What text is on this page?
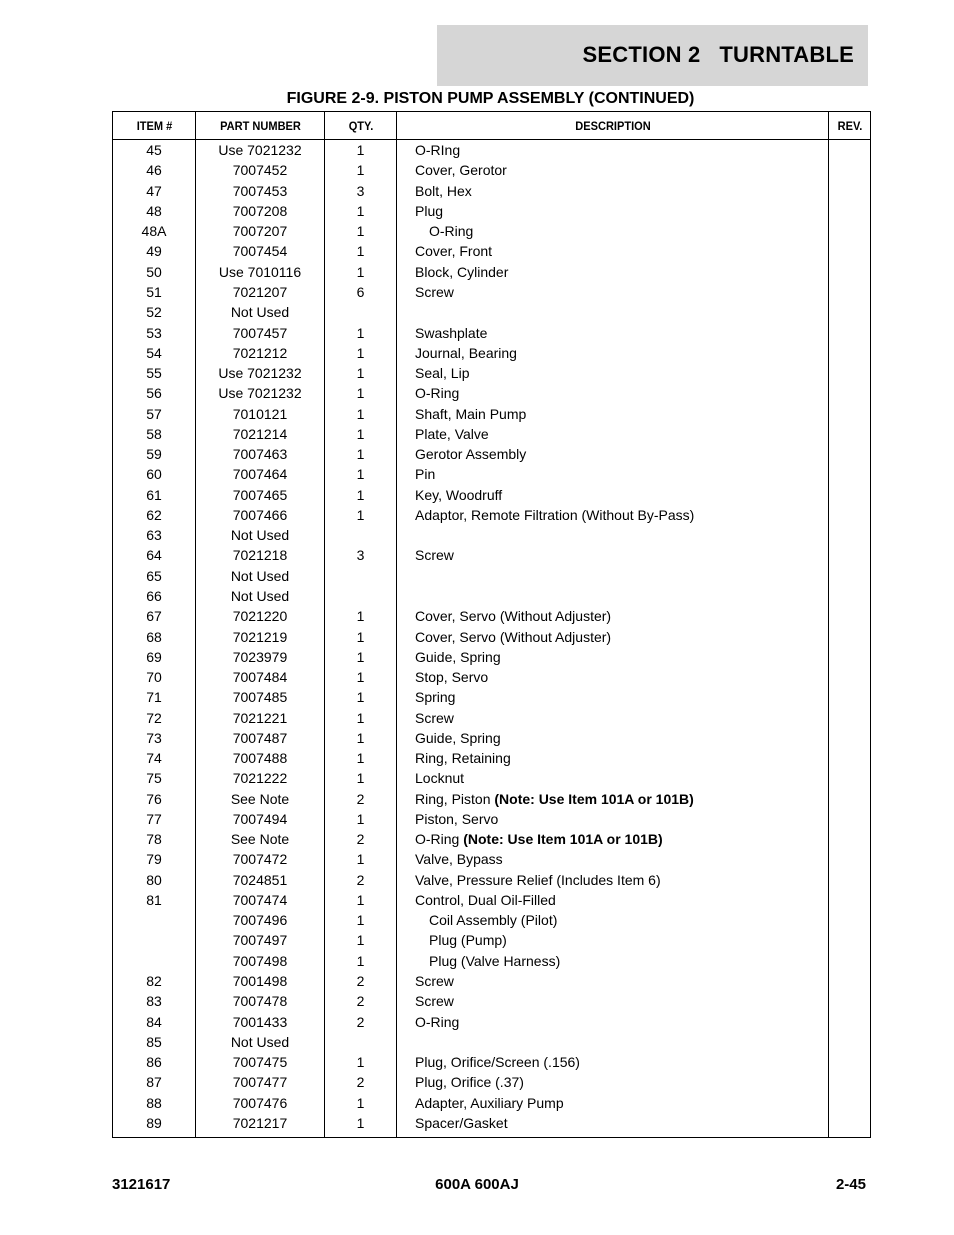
SECTION 2   TURNTABLE
FIGURE 2-9. PISTON PUMP ASSEMBLY (CONTINUED)
ITEM #	PART NUMBER	QTY.	DESCRIPTION	REV.
45	Use 7021232	1	O-RIng	
46	7007452	1	Cover, Gerotor	
47	7007453	3	Bolt, Hex	
48	7007208	1	Plug	
48A	7007207	1	O-Ring	
49	7007454	1	Cover, Front	
50	Use 7010116	1	Block, Cylinder	
51	7021207	6	Screw	
52	Not Used			
53	7007457	1	Swashplate	
54	7021212	1	Journal, Bearing	
55	Use 7021232	1	Seal, Lip	
56	Use 7021232	1	O-Ring	
57	7010121	1	Shaft, Main Pump	
58	7021214	1	Plate, Valve	
59	7007463	1	Gerotor Assembly	
60	7007464	1	Pin	
61	7007465	1	Key, Woodruff	
62	7007466	1	Adaptor, Remote Filtration (Without By-Pass)	
63	Not Used			
64	7021218	3	Screw	
65	Not Used			
66	Not Used			
67	7021220	1	Cover, Servo (Without Adjuster)	
68	7021219	1	Cover, Servo (Without Adjuster)	
69	7023979	1	Guide, Spring	
70	7007484	1	Stop, Servo	
71	7007485	1	Spring	
72	7021221	1	Screw	
73	7007487	1	Guide, Spring	
74	7007488	1	Ring, Retaining	
75	7021222	1	Locknut	
76	See Note	2	Ring, Piston (Note: Use Item 101A or 101B)	
77	7007494	1	Piston, Servo	
78	See Note	2	O-Ring (Note: Use Item 101A or 101B)	
79	7007472	1	Valve, Bypass	
80	7024851	2	Valve, Pressure Relief (Includes Item 6)	
81	7007474	1	Control, Dual Oil-Filled	
	7007496	1	Coil Assembly (Pilot)	
	7007497	1	Plug (Pump)	
	7007498	1	Plug (Valve Harness)	
82	7001498	2	Screw	
83	7007478	2	Screw	
84	7001433	2	O-Ring	
85	Not Used			
86	7007475	1	Plug, Orifice/Screen (.156)	
87	7007477	2	Plug, Orifice (.37)	
88	7007476	1	Adapter, Auxiliary Pump	
89	7021217	1	Spacer/Gasket	
3121617	600A 600AJ	2-45
